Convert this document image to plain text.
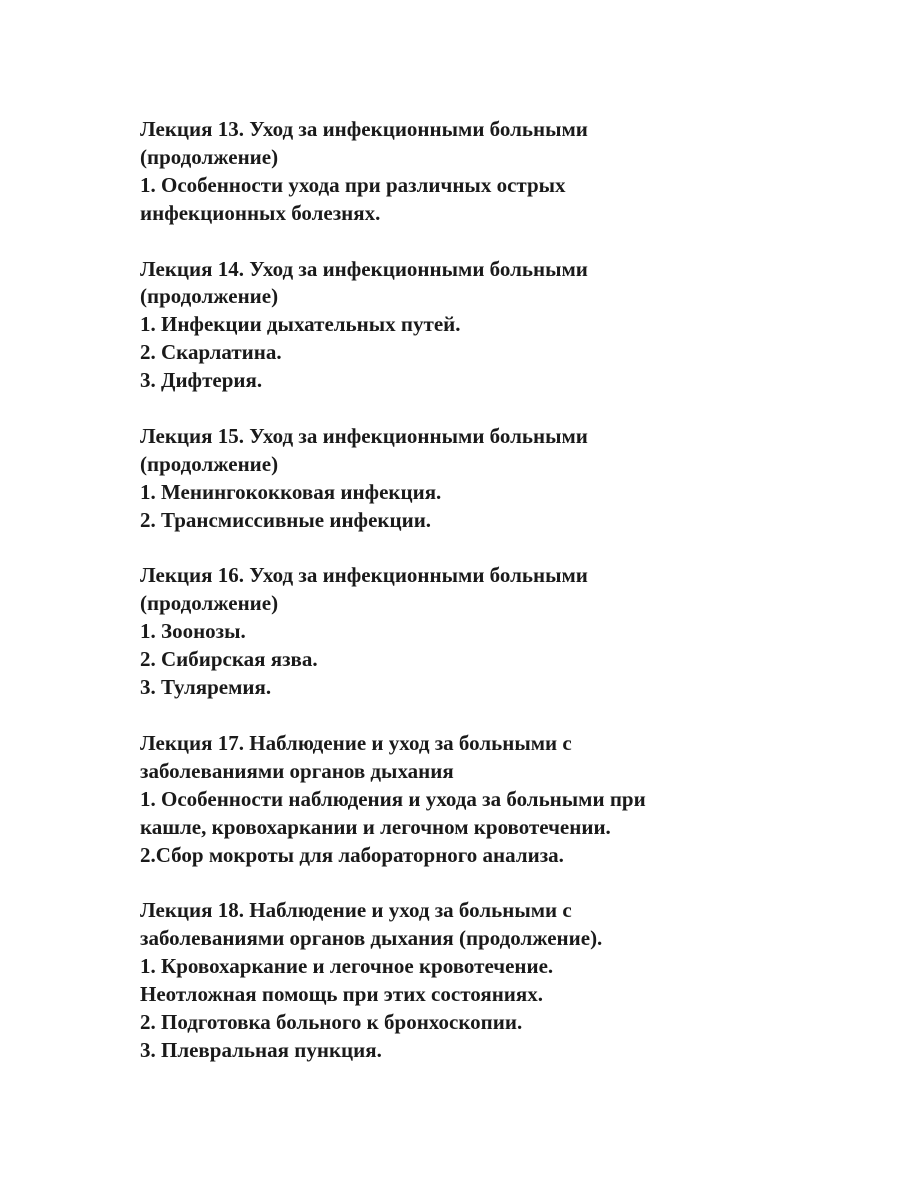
Лекция 13. Уход за инфекционными больными
(продолжение)
1. Особенности ухода при различных острых
инфекционных болезнях.
Лекция 14. Уход за инфекционными больными
(продолжение)
1. Инфекции дыхательных путей.
2. Скарлатина.
3. Дифтерия.
Лекция 15. Уход за инфекционными больными
(продолжение)
1. Менингококковая инфекция.
2. Трансмиссивные инфекции.
Лекция 16. Уход за инфекционными больными
(продолжение)
1. Зоонозы.
2. Сибирская язва.
3. Туляремия.
Лекция 17. Наблюдение и уход за больными с
заболеваниями органов дыхания
1. Особенности наблюдения и ухода за больными при
кашле, кровохаркании и легочном кровотечении.
2.Сбор мокроты для лабораторного анализа.
Лекция 18. Наблюдение и уход за больными с
заболеваниями органов дыхания (продолжение).
1. Кровохаркание и легочное кровотечение.
Неотложная помощь при этих состояниях.
2. Подготовка больного к бронхоскопии.
3. Плевральная пункция.
